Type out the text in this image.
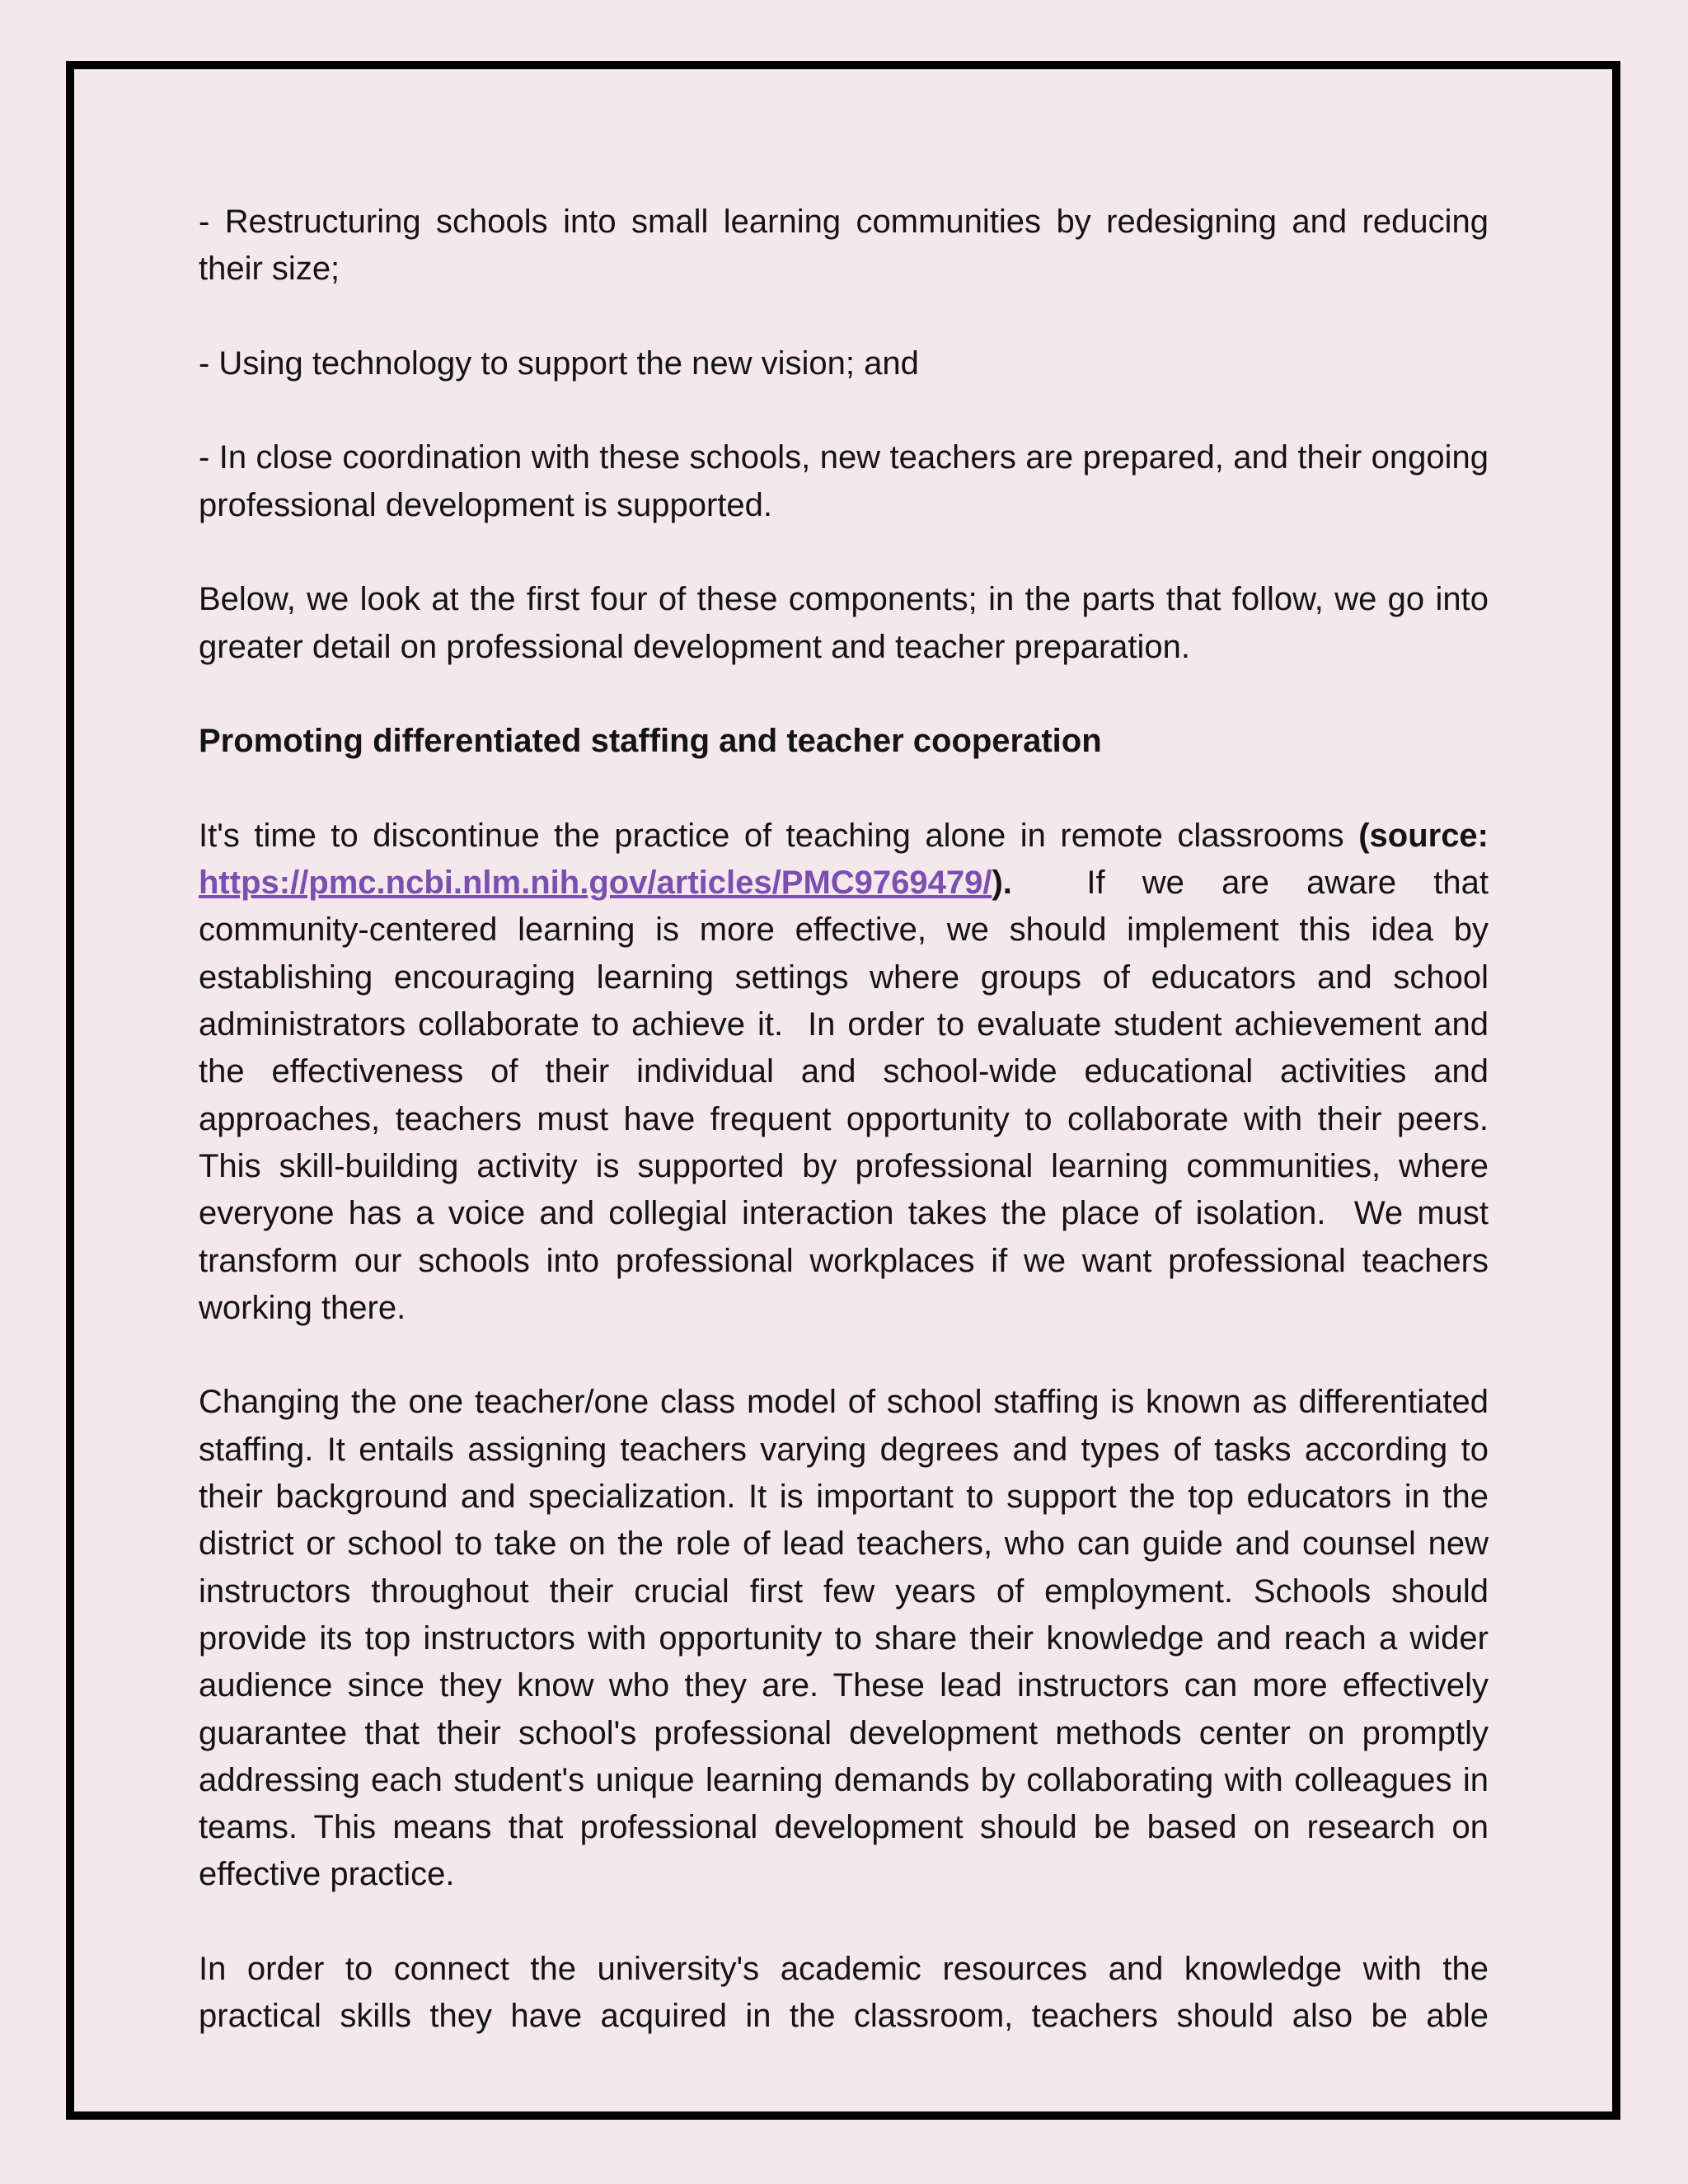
- Restructuring schools into small learning communities by redesigning and reducing their size;

- Using technology to support the new vision; and

- In close coordination with these schools, new teachers are prepared, and their ongoing professional development is supported.

Below, we look at the first four of these components; in the parts that follow, we go into greater detail on professional development and teacher preparation.

Promoting differentiated staffing and teacher cooperation

It's time to discontinue the practice of teaching alone in remote classrooms (source: https://pmc.ncbi.nlm.nih.gov/articles/PMC9769479/).  If we are aware that community-centered learning is more effective, we should implement this idea by establishing encouraging learning settings where groups of educators and school administrators collaborate to achieve it.  In order to evaluate student achievement and the effectiveness of their individual and school-wide educational activities and approaches, teachers must have frequent opportunity to collaborate with their peers.  This skill-building activity is supported by professional learning communities, where everyone has a voice and collegial interaction takes the place of isolation.  We must transform our schools into professional workplaces if we want professional teachers working there.

Changing the one teacher/one class model of school staffing is known as differentiated staffing. It entails assigning teachers varying degrees and types of tasks according to their background and specialization. It is important to support the top educators in the district or school to take on the role of lead teachers, who can guide and counsel new instructors throughout their crucial first few years of employment. Schools should provide its top instructors with opportunity to share their knowledge and reach a wider audience since they know who they are. These lead instructors can more effectively guarantee that their school's professional development methods center on promptly addressing each student's unique learning demands by collaborating with colleagues in teams. This means that professional development should be based on research on effective practice.

In order to connect the university's academic resources and knowledge with the practical skills they have acquired in the classroom, teachers should also be able
